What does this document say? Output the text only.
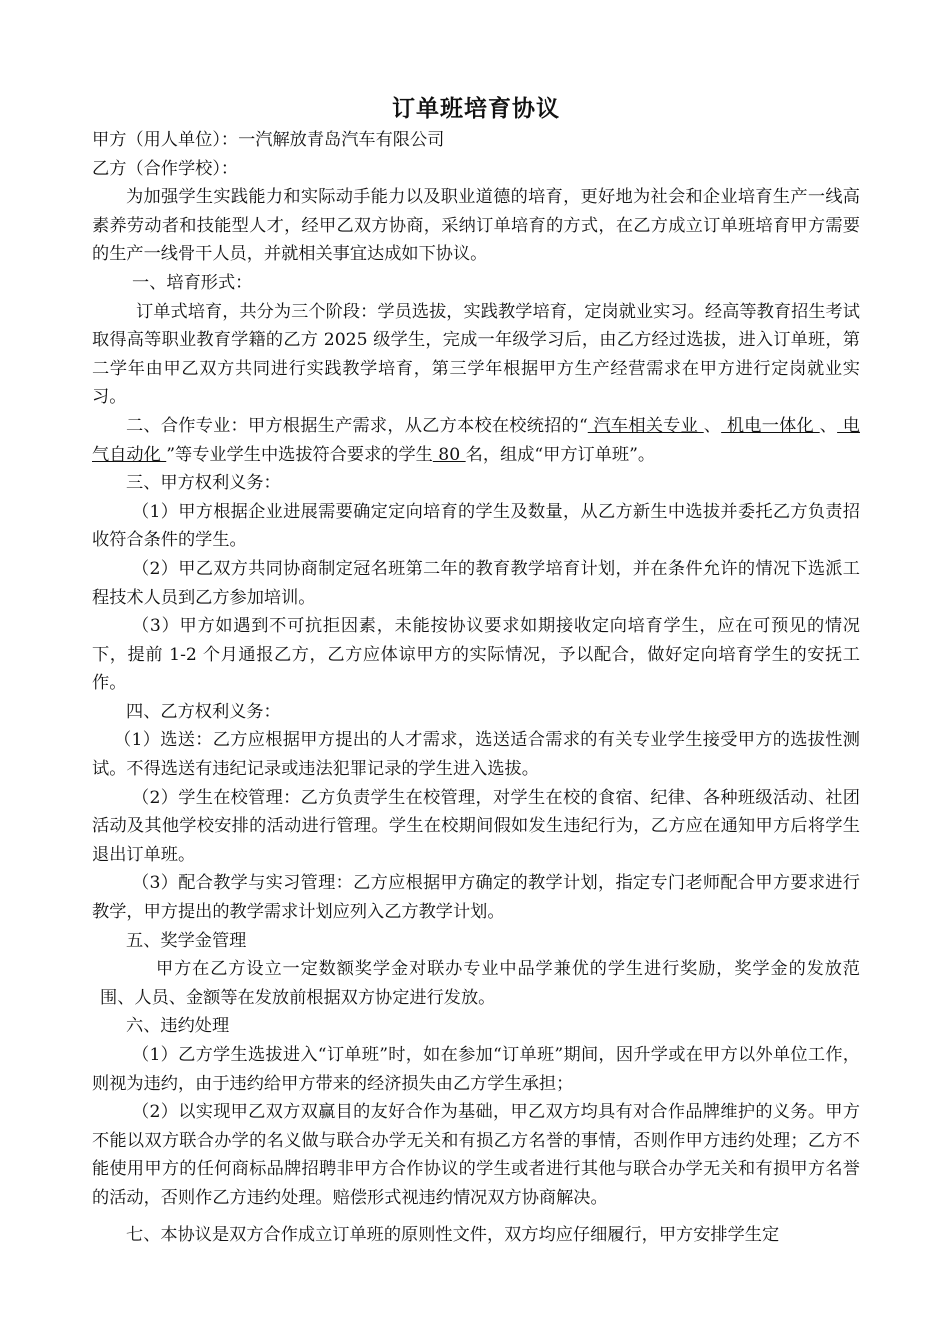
订单班培育协议

甲方（用人单位）：一汽解放青岛汽车有限公司

乙方（合作学校）：

为加强学生实践能力和实际动手能力以及职业道德的培育，更好地为社会和企业培育生产一线高素养劳动者和技能型人才，经甲乙双方协商，采纳订单培育的方式，在乙方成立订单班培育甲方需要的生产一线骨干人员，并就相关事宜达成如下协议。

一、培育形式：

订单式培育，共分为三个阶段：学员选拔，实践教学培育，定岗就业实习。经高等教育招生考试取得高等职业教育学籍的乙方 2025 级学生，完成一年级学习后，由乙方经过选拔，进入订单班，第二学年由甲乙双方共同进行实践教学培育，第三学年根据甲方生产经营需求在甲方进行定岗就业实习。

二、合作专业：甲方根据生产需求，从乙方本校在校统招的“ 汽车相关专业 、 机电一体化 、 电气自动化 ”等专业学生中选拔符合要求的学生 80 名，组成“甲方订单班”。

三、甲方权利义务：

（1）甲方根据企业进展需要确定定向培育的学生及数量，从乙方新生中选拔并委托乙方负责招收符合条件的学生。

（2）甲乙双方共同协商制定冠名班第二年的教育教学培育计划，并在条件允许的情况下选派工程技术人员到乙方参加培训。

（3）甲方如遇到不可抗拒因素，未能按协议要求如期接收定向培育学生，应在可预见的情况下，提前 1-2 个月通报乙方，乙方应体谅甲方的实际情况，予以配合，做好定向培育学生的安抚工作。

四、乙方权利义务：

（1）选送：乙方应根据甲方提出的人才需求，选送适合需求的有关专业学生接受甲方的选拔性测试。不得选送有违纪记录或违法犯罪记录的学生进入选拔。

（2）学生在校管理：乙方负责学生在校管理，对学生在校的食宿、纪律、各种班级活动、社团活动及其他学校安排的活动进行管理。学生在校期间假如发生违纪行为，乙方应在通知甲方后将学生退出订单班。

（3）配合教学与实习管理：乙方应根据甲方确定的教学计划，指定专门老师配合甲方要求进行教学，甲方提出的教学需求计划应列入乙方教学计划。

五、奖学金管理

甲方在乙方设立一定数额奖学金对联办专业中品学兼优的学生进行奖励，奖学金的发放范围、人员、金额等在发放前根据双方协定进行发放。

六、违约处理

（1）乙方学生选拔进入“订单班”时，如在参加“订单班”期间，因升学或在甲方以外单位工作，则视为违约，由于违约给甲方带来的经济损失由乙方学生承担；

（2）以实现甲乙双方双赢目的友好合作为基础，甲乙双方均具有对合作品牌维护的义务。甲方不能以双方联合办学的名义做与联合办学无关和有损乙方名誉的事情，否则作甲方违约处理；乙方不能使用甲方的任何商标品牌招聘非甲方合作协议的学生或者进行其他与联合办学无关和有损甲方名誉的活动，否则作乙方违约处理。赔偿形式视违约情况双方协商解决。

七、本协议是双方合作成立订单班的原则性文件，双方均应仔细履行，甲方安排学生定
